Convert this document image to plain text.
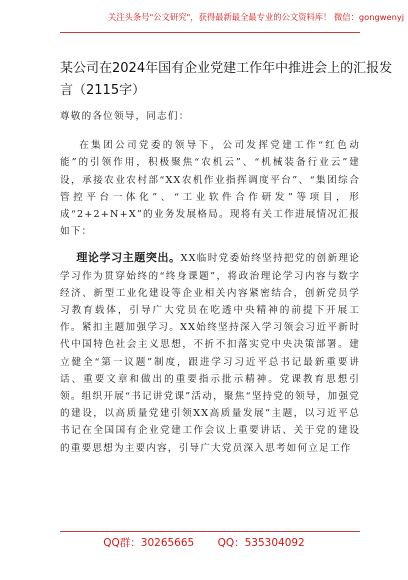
关注头条号"公文研究"，获得最新最全最专业的公文资料库！ 微信：gongwenyj
某公司在2024年国有企业党建工作年中推进会上的汇报发
言（2115字）

尊敬的各位领导，同志们：

在集团公司党委的领导下，公司发挥党建工作“红色动能”的引领作用，积极聚焦“农机云”、“机械装备行业云”建设，承接农业农村部“XX农机作业指挥调度平台”、“集团综合管控平台一体化”、“工业软件合作研发”等项目，形成“2+2+N+X”的业务发展格局。现将有关工作进展情况汇报如下：

理论学习主题突出。XX临时党委始终坚持把党的创新理论学习作为贯穿始终的“终身课题”，将政治理论学习内容与数字经济、新型工业化建设等企业相关内容紧密结合，创新党员学习教育载体，引导广大党员在吃透中央精神的前提下开展工作。紧扣主题加强学习。XX始终坚持深入学习领会习近平新时代中国特色社会主义思想，不折不扣落实党中央决策部署。建立健全“第一议题”制度，跟进学习习近平总书记最新重要讲话、重要文章和做出的重要指示批示精神。党课教育思想引领。组织开展“书记讲党课”活动，聚焦“坚持党的领导，加强党的建设，以高质量党建引领XX高质量发展”主题，以习近平总书记在全国国有企业党建工作会议上重要讲话、关于党的建设的重要思想为主要内容，引导广大党员深入思考如何立足工作

QQ群：30265665 QQ：535304092
